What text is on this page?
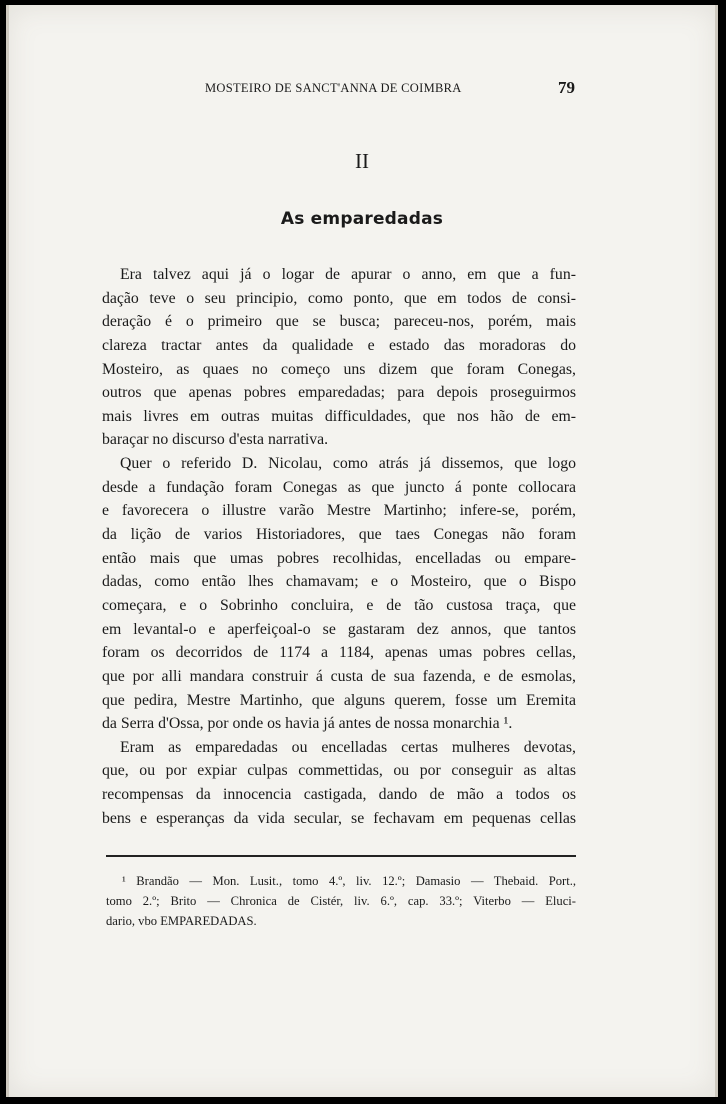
MOSTEIRO DE SANCT'ANNA DE COIMBRA	79
II
As emparedadas
Era talvez aqui já o logar de apurar o anno, em que a fun-
dação teve o seu principio, como ponto, que em todos de consi-
deração é o primeiro que se busca; pareceu-nos, porém, mais
clareza tractar antes da qualidade e estado das moradoras do
Mosteiro, as quaes no começo uns dizem que foram Conegas,
outros que apenas pobres emparedadas; para depois proseguirmos
mais livres em outras muitas difficuldades, que nos hão de em-
baraçar no discurso d'esta narrativa.
Quer o referido D. Nicolau, como atrás já dissemos, que logo
desde a fundação foram Conegas as que juncto á ponte collocara
e favorecera o illustre varão Mestre Martinho; infere-se, porém,
da lição de varios Historiadores, que taes Conegas não foram
então mais que umas pobres recolhidas, encelladas ou empare-
dadas, como então lhes chamavam; e o Mosteiro, que o Bispo
começara, e o Sobrinho concluira, e de tão custosa traça, que
em levantal-o e aperfeiçoal-o se gastaram dez annos, que tantos
foram os decorridos de 1174 a 1184, apenas umas pobres cellas,
que por alli mandara construir á custa de sua fazenda, e de esmolas,
que pedira, Mestre Martinho, que alguns querem, fosse um Eremita
da Serra d'Ossa, por onde os havia já antes de nossa monarchia ¹.
Eram as emparedadas ou encelladas certas mulheres devotas,
que, ou por expiar culpas commettidas, ou por conseguir as altas
recompensas da innocencia castigada, dando de mão a todos os
bens e esperanças da vida secular, se fechavam em pequenas cellas
¹ Brandão — Mon. Lusit., tomo 4.º, liv. 12.º; Damasio — Thebaid. Port.,
tomo 2.º; Brito — Chronica de Cistér, liv. 6.º, cap. 33.º; Viterbo — Eluci-
dario, vbo EMPAREDADAS.
